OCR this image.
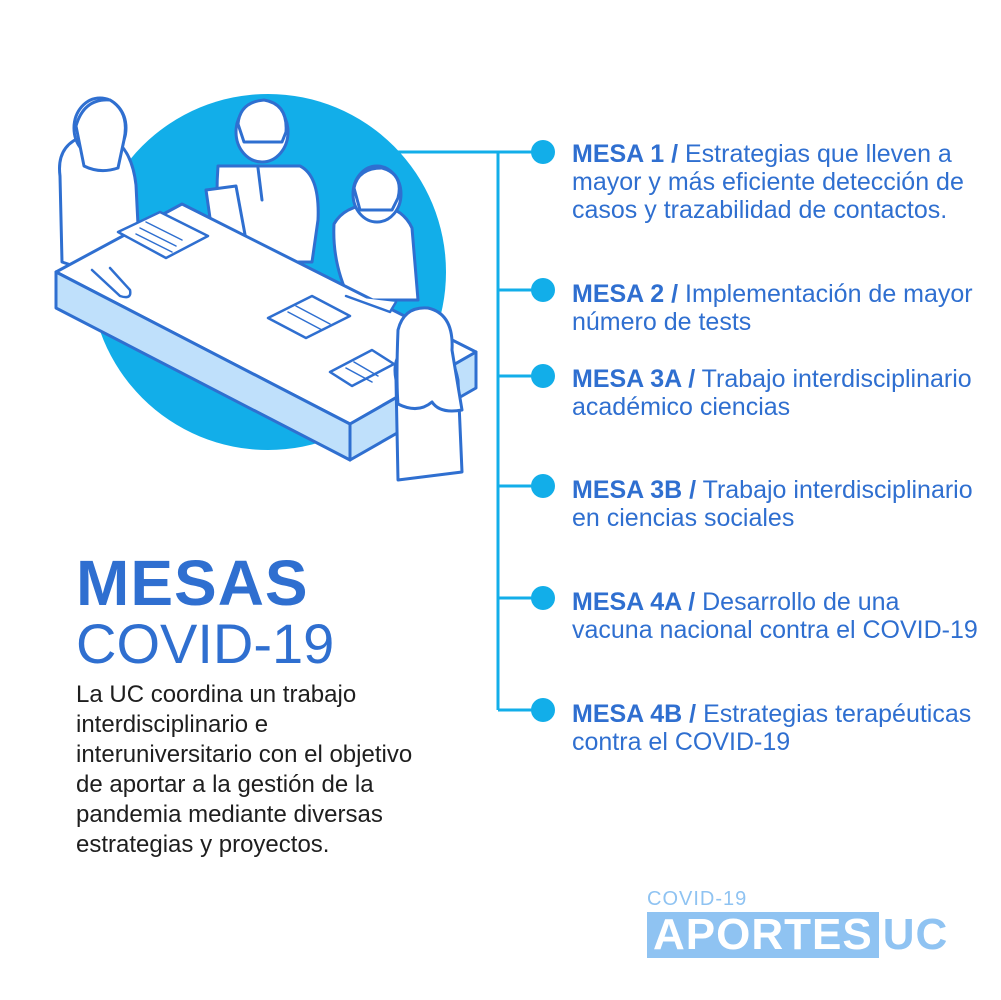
MESAS
COVID-19

La UC coordina un trabajo interdisciplinario e interuniversitario con el objetivo de aportar a la gestión de la pandemia mediante diversas estrategias y proyectos.

MESA 1 / Estrategias que lleven a mayor y más eficiente detección de casos y trazabilidad de contactos.

MESA 2 / Implementación de mayor número de tests

MESA 3A / Trabajo interdisciplinario académico ciencias

MESA 3B / Trabajo interdisciplinario en ciencias sociales

MESA 4A / Desarrollo de una vacuna nacional contra el COVID-19

MESA 4B / Estrategias terapéuticas contra el COVID-19

COVID-19
APORTES UC
